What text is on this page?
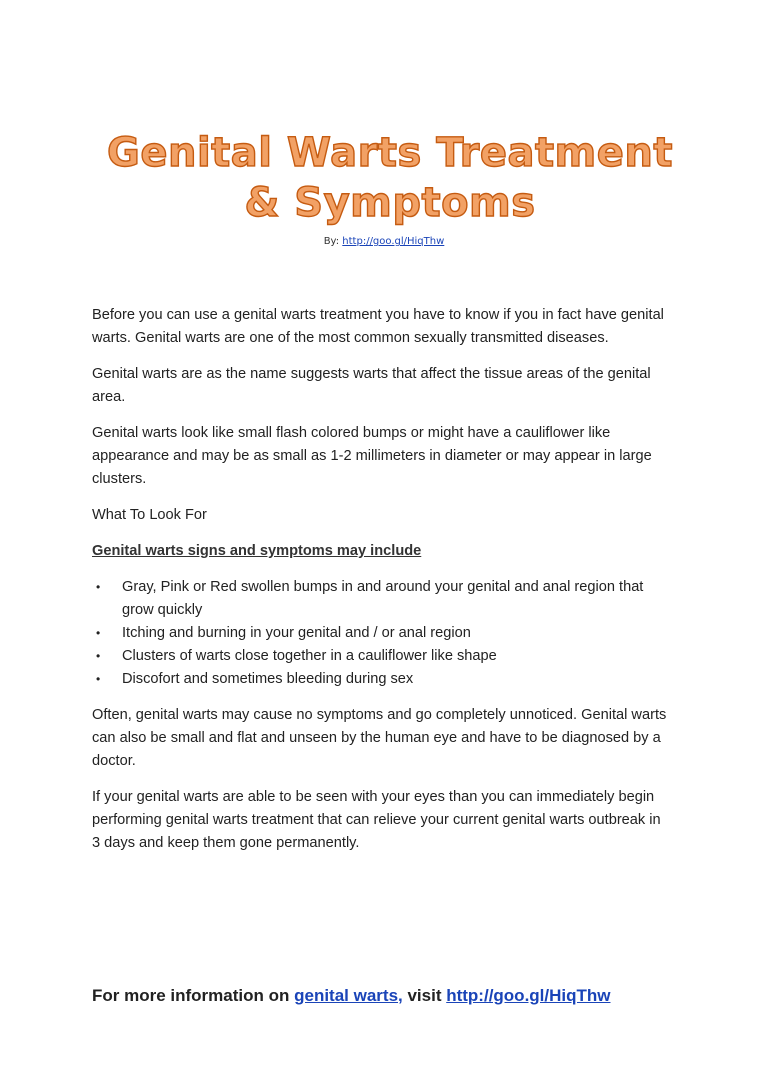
Genital Warts Treatment
& Symptoms
By: http://goo.gl/HiqThw

Before you can use a genital warts treatment you have to know if you in fact have genital warts. Genital warts are one of the most common sexually transmitted diseases.

Genital warts are as the name suggests warts that affect the tissue areas of the genital area.

Genital warts look like small flash colored bumps or might have a cauliflower like appearance and may be as small as 1-2 millimeters in diameter or may appear in large clusters.

What To Look For

Genital warts signs and symptoms may include

• Gray, Pink or Red swollen bumps in and around your genital and anal region that grow quickly
• Itching and burning in your genital and / or anal region
• Clusters of warts close together in a cauliflower like shape
• Discofort and sometimes bleeding during sex

Often, genital warts may cause no symptoms and go completely unnoticed. Genital warts can also be small and flat and unseen by the human eye and have to be diagnosed by a doctor.

If your genital warts are able to be seen with your eyes than you can immediately begin performing genital warts treatment that can relieve your current genital warts outbreak in 3 days and keep them gone permanently.

For more information on genital warts, visit http://goo.gl/HiqThw
